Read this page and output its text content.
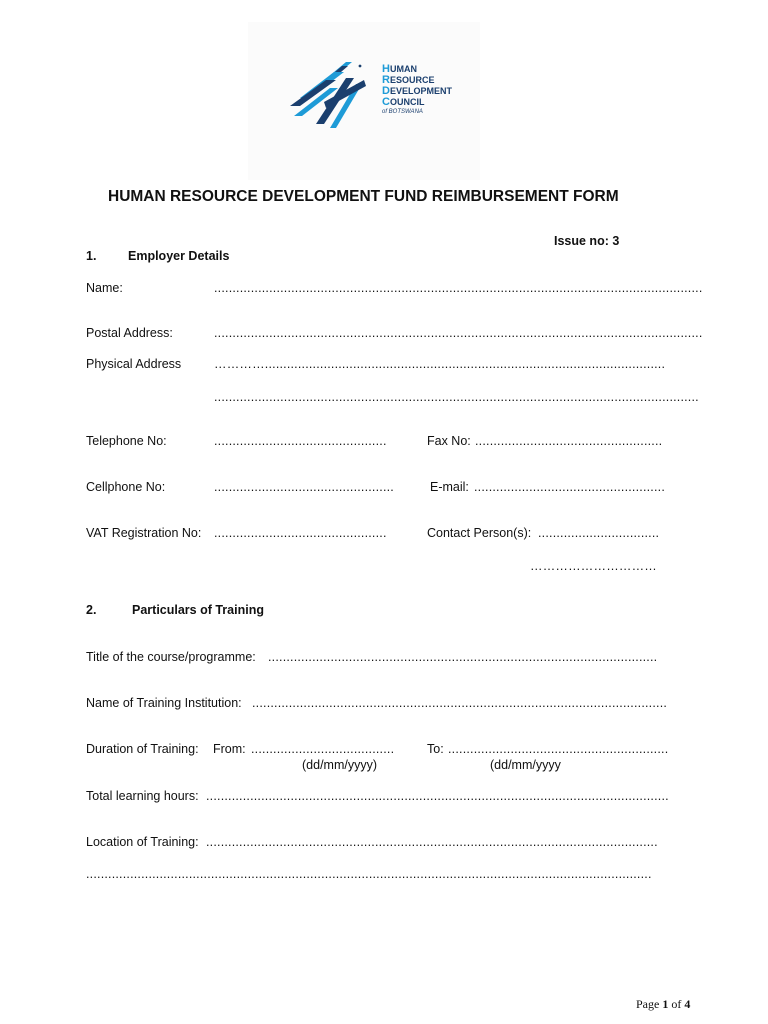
HUMAN
RESOURCE
DEVELOPMENT
COUNCIL
of BOTSWANA
HUMAN RESOURCE DEVELOPMENT FUND REIMBURSEMENT FORM
Issue no: 3
1.	Employer Details
Name:	.....................................................................................................................................
Postal Address:	.....................................................................................................................................
Physical Address	………….............................................................................................................
....................................................................................................................................
Telephone No:	...............................................	Fax No: ...................................................
Cellphone No:	.................................................	E-mail: ....................................................
VAT Registration No: ...............................................	Contact Person(s): .................................
…………………………
2.	Particulars of Training
Title of the course/programme: ..........................................................................................................
Name of Training Institution: .................................................................................................................
Duration of Training: From: .......................................
(dd/mm/yyyy)
To: ............................................................
(dd/mm/yyyy
Total learning hours: ..............................................................................................................................
Location of Training: ...........................................................................................................................
..........................................................................................................................................................
Page 1 of 4
